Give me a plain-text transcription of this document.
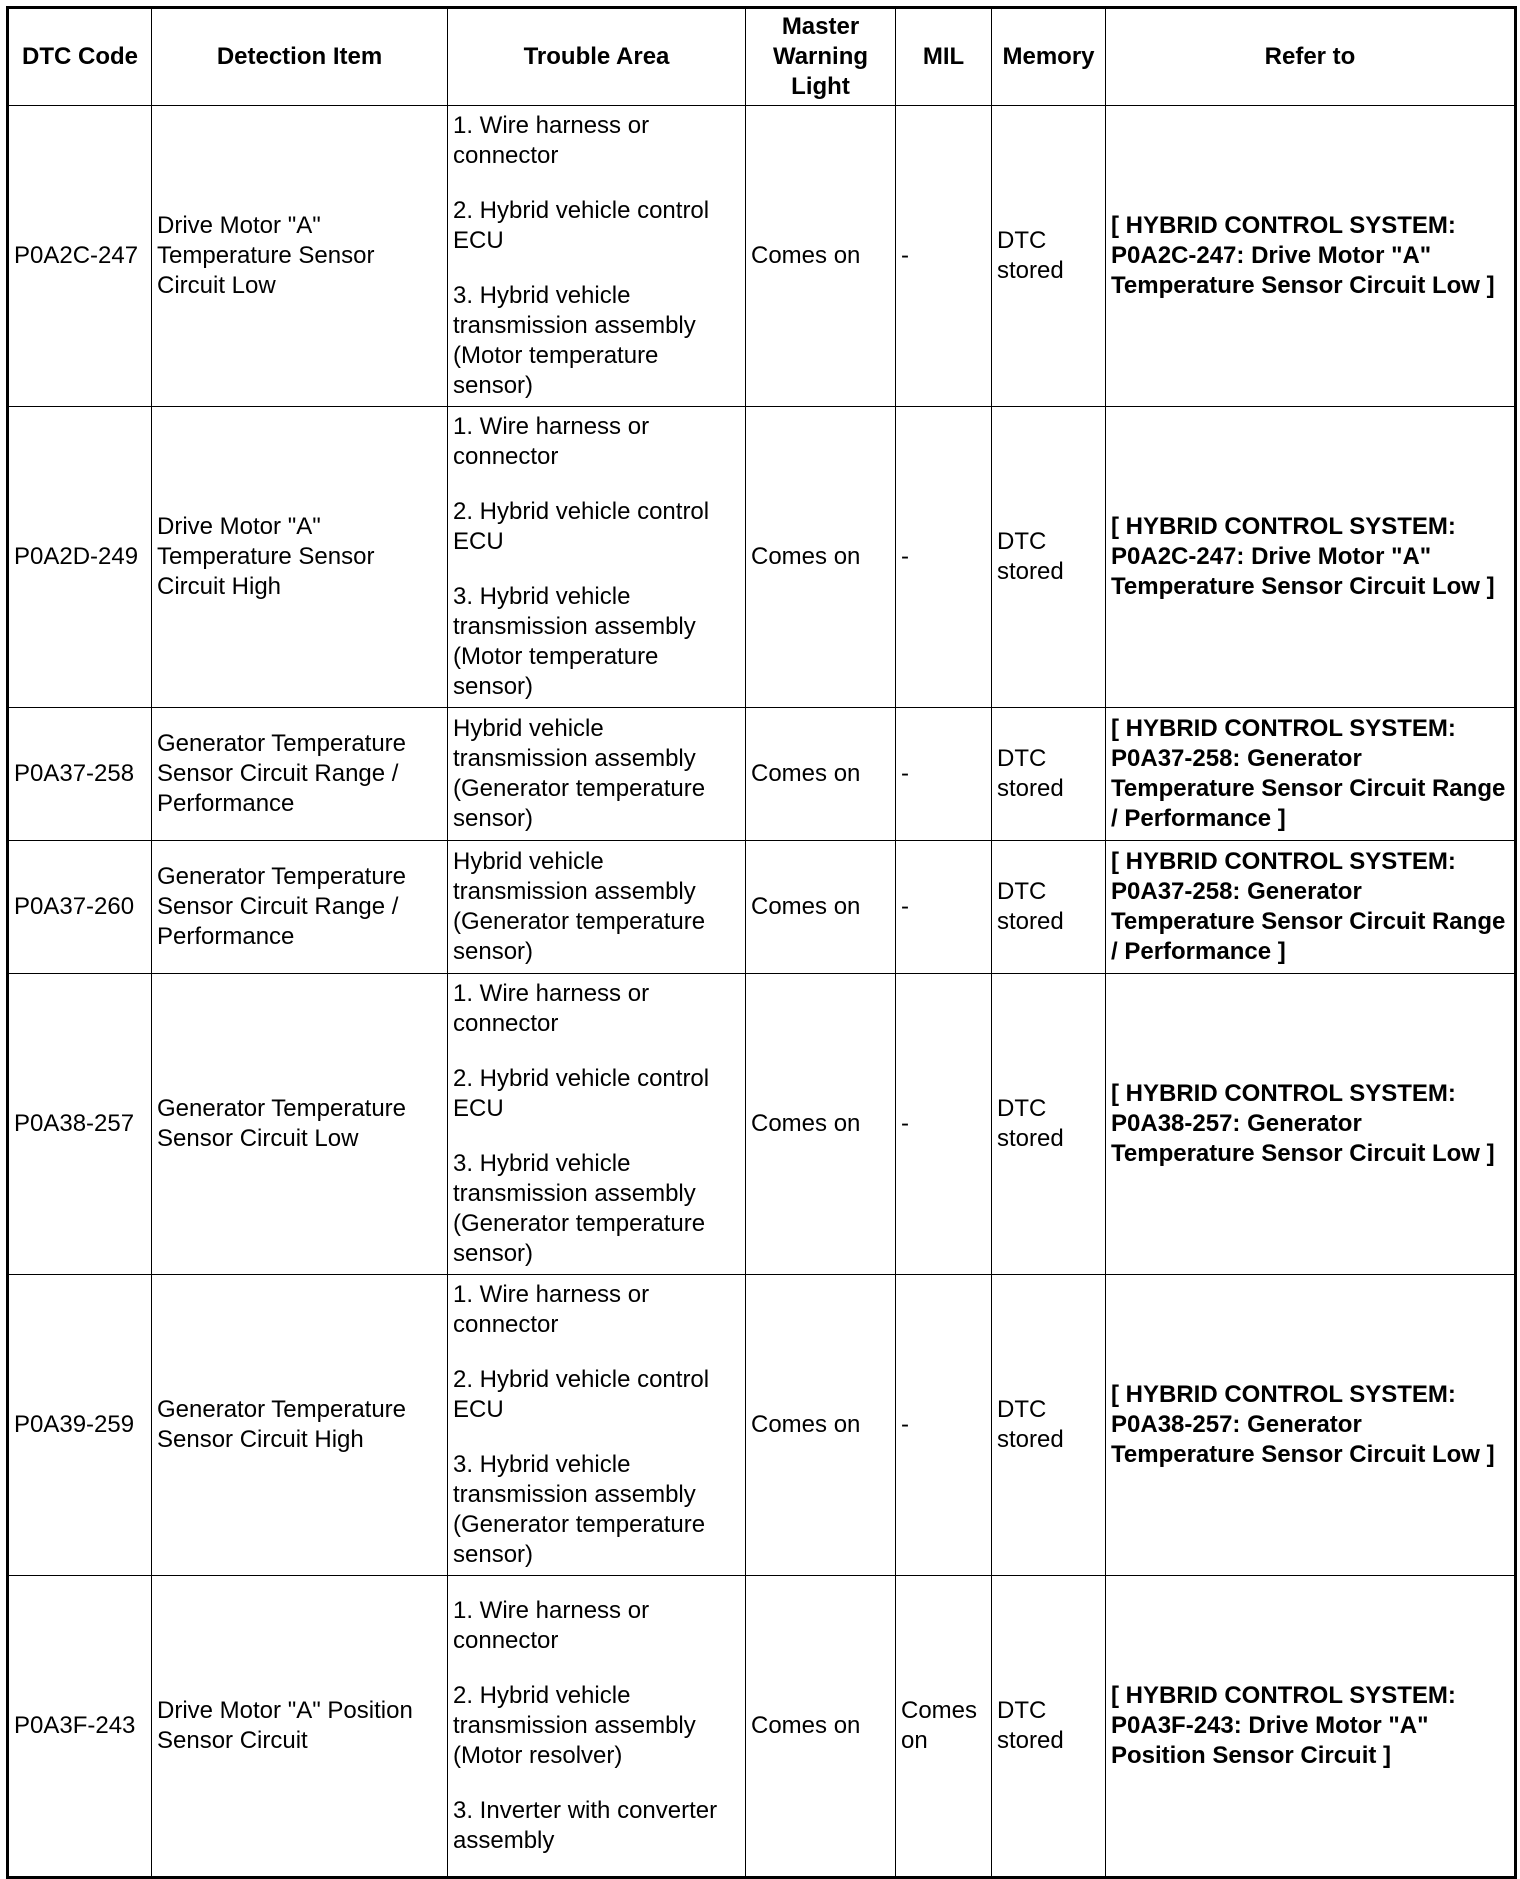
DTC Code	Detection Item	Trouble Area	Master Warning Light	MIL	Memory	Refer to
P0A2C-247	Drive Motor "A" Temperature Sensor Circuit Low	1. Wire harness or connector

2. Hybrid vehicle control ECU

3. Hybrid vehicle transmission assembly (Motor temperature sensor)	Comes on	-	DTC stored	[ HYBRID CONTROL SYSTEM: P0A2C-247: Drive Motor "A" Temperature Sensor Circuit Low ]
P0A2D-249	Drive Motor "A" Temperature Sensor Circuit High	1. Wire harness or connector

2. Hybrid vehicle control ECU

3. Hybrid vehicle transmission assembly (Motor temperature sensor)	Comes on	-	DTC stored	[ HYBRID CONTROL SYSTEM: P0A2C-247: Drive Motor "A" Temperature Sensor Circuit Low ]
P0A37-258	Generator Temperature Sensor Circuit Range / Performance	Hybrid vehicle transmission assembly (Generator temperature sensor)	Comes on	-	DTC stored	[ HYBRID CONTROL SYSTEM: P0A37-258: Generator Temperature Sensor Circuit Range / Performance ]
P0A37-260	Generator Temperature Sensor Circuit Range / Performance	Hybrid vehicle transmission assembly (Generator temperature sensor)	Comes on	-	DTC stored	[ HYBRID CONTROL SYSTEM: P0A37-258: Generator Temperature Sensor Circuit Range / Performance ]
P0A38-257	Generator Temperature Sensor Circuit Low	1. Wire harness or connector

2. Hybrid vehicle control ECU

3. Hybrid vehicle transmission assembly (Generator temperature sensor)	Comes on	-	DTC stored	[ HYBRID CONTROL SYSTEM: P0A38-257: Generator Temperature Sensor Circuit Low ]
P0A39-259	Generator Temperature Sensor Circuit High	1. Wire harness or connector

2. Hybrid vehicle control ECU

3. Hybrid vehicle transmission assembly (Generator temperature sensor)	Comes on	-	DTC stored	[ HYBRID CONTROL SYSTEM: P0A38-257: Generator Temperature Sensor Circuit Low ]
P0A3F-243	Drive Motor "A" Position Sensor Circuit	1. Wire harness or connector

2. Hybrid vehicle transmission assembly (Motor resolver)

3. Inverter with converter assembly	Comes on	Comes on	DTC stored	[ HYBRID CONTROL SYSTEM: P0A3F-243: Drive Motor "A" Position Sensor Circuit ]
